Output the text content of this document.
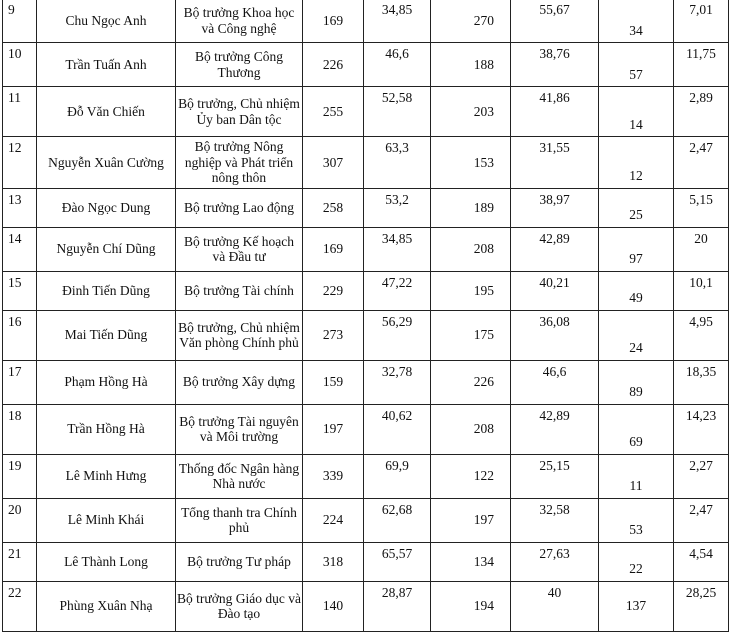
9	Chu Ngọc Anh	Bộ trưởng Khoa học và Công nghệ	169	34,85	270	55,67	34	7,01
10	Trần Tuấn Anh	Bộ trưởng Công Thương	226	46,6	188	38,76	57	11,75
11	Đỗ Văn Chiến	Bộ trưởng, Chủ nhiệm Ủy ban Dân tộc	255	52,58	203	41,86	14	2,89
12	Nguyễn Xuân Cường	Bộ trưởng Nông nghiệp và Phát triển nông thôn	307	63,3	153	31,55	12	2,47
13	Đào Ngọc Dung	Bộ trưởng Lao động	258	53,2	189	38,97	25	5,15
14	Nguyễn Chí Dũng	Bộ trưởng Kế hoạch và Đầu tư	169	34,85	208	42,89	97	20
15	Đinh Tiến Dũng	Bộ trưởng Tài chính	229	47,22	195	40,21	49	10,1
16	Mai Tiến Dũng	Bộ trưởng, Chủ nhiệm Văn phòng Chính phủ	273	56,29	175	36,08	24	4,95
17	Phạm Hồng Hà	Bộ trưởng Xây dựng	159	32,78	226	46,6	89	18,35
18	Trần Hồng Hà	Bộ trưởng Tài nguyên và Môi trường	197	40,62	208	42,89	69	14,23
19	Lê Minh Hưng	Thống đốc Ngân hàng Nhà nước	339	69,9	122	25,15	11	2,27
20	Lê Minh Khái	Tổng thanh tra Chính phủ	224	62,68	197	32,58	53	2,47
21	Lê Thành Long	Bộ trưởng Tư pháp	318	65,57	134	27,63	22	4,54
22	Phùng Xuân Nhạ	Bộ trưởng Giáo dục và Đào tạo	140	28,87	194	40	137	28,25
